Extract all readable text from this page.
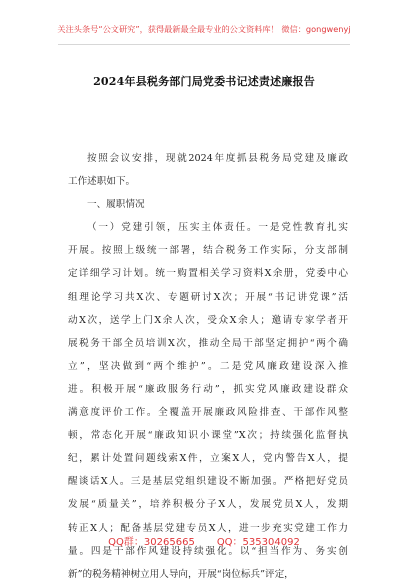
关注头条号“公文研究”，获得最新最全最专业的公文资料库！ 微信：gongwenyj
2024年县税务部门局党委书记述责述廉报告
按照会议安排，现就2024年度抓县税务局党建及廉政
工作述职如下。
一、履职情况
（一）党建引领，压实主体责任。一是党性教育扎实
开展。按照上级统一部署，结合税务工作实际，分支部制
定详细学习计划。统一购置相关学习资料X余册，党委中心
组理论学习共X次、专题研讨X次；开展“书记讲党课”活
动X次，送学上门X余人次，受众X余人；邀请专家学者开
展税务干部全员培训X次，推动全局干部坚定拥护“两个确
立”，坚决做到“两个维护”。二是党风廉政建设深入推
进。积极开展“廉政服务行动”，抓实党风廉政建设群众
满意度评价工作。全覆盖开展廉政风险排查、干部作风整
顿，常态化开展“廉政知识小课堂”X次；持续强化监督执
纪，累计处置问题线索X件，立案X人，党内警告X人，提
醒谈话X人。三是基层党组织建设不断加强。严格把好党员
发展“质量关”，培养积极分子X人，发展党员X人，发期
转正X人；配备基层党建专员X人，进一步充实党建工作力
量。四是干部作风建设持续强化。以“担当作为、务实创
新”的税务精神树立用人导向，开展“岗位标兵”评定，
QQ群：30265665 QQ：535304092
